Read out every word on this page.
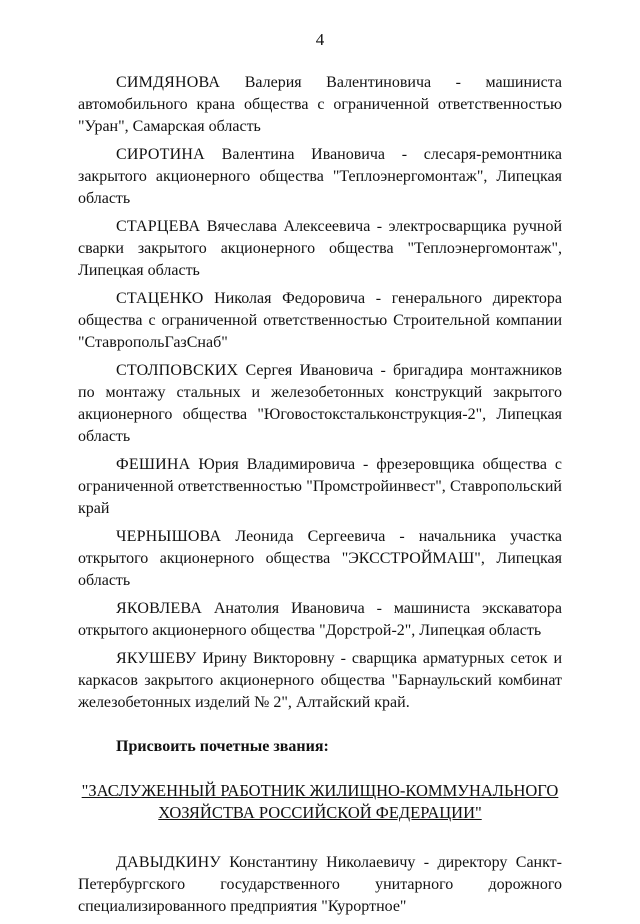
4

СИМДЯНОВА Валерия Валентиновича - машиниста автомобильного крана общества с ограниченной ответственностью "Уран", Самарская область

СИРОТИНА Валентина Ивановича - слесаря-ремонтника закрытого акционерного общества "Теплоэнергомонтаж", Липецкая область

СТАРЦЕВА Вячеслава Алексеевича - электросварщика ручной сварки закрытого акционерного общества "Теплоэнергомонтаж", Липецкая область

СТАЦЕНКО Николая Федоровича - генерального директора общества с ограниченной ответственностью Строительной компании "СтавропольГазСнаб"

СТОЛПОВСКИХ Сергея Ивановича - бригадира монтажников по монтажу стальных и железобетонных конструкций закрытого акционерного общества "Юговостокстальконструкция-2", Липецкая область

ФЕШИНА Юрия Владимировича - фрезеровщика общества с ограниченной ответственностью "Промстройинвест", Ставропольский край

ЧЕРНЫШОВА Леонида Сергеевича - начальника участка открытого акционерного общества "ЭКССТРОЙМАШ", Липецкая область

ЯКОВЛЕВА Анатолия Ивановича - машиниста экскаватора открытого акционерного общества "Дорстрой-2", Липецкая область

ЯКУШЕВУ Ирину Викторовну - сварщика арматурных сеток и каркасов закрытого акционерного общества "Барнаульский комбинат железобетонных изделий № 2", Алтайский край.

Присвоить почетные звания:

"ЗАСЛУЖЕННЫЙ РАБОТНИК ЖИЛИЩНО-КОММУНАЛЬНОГО
ХОЗЯЙСТВА РОССИЙСКОЙ ФЕДЕРАЦИИ"

ДАВЫДКИНУ Константину Николаевичу - директору Санкт-Петербургского государственного унитарного дорожного специализированного предприятия "Курортное"
